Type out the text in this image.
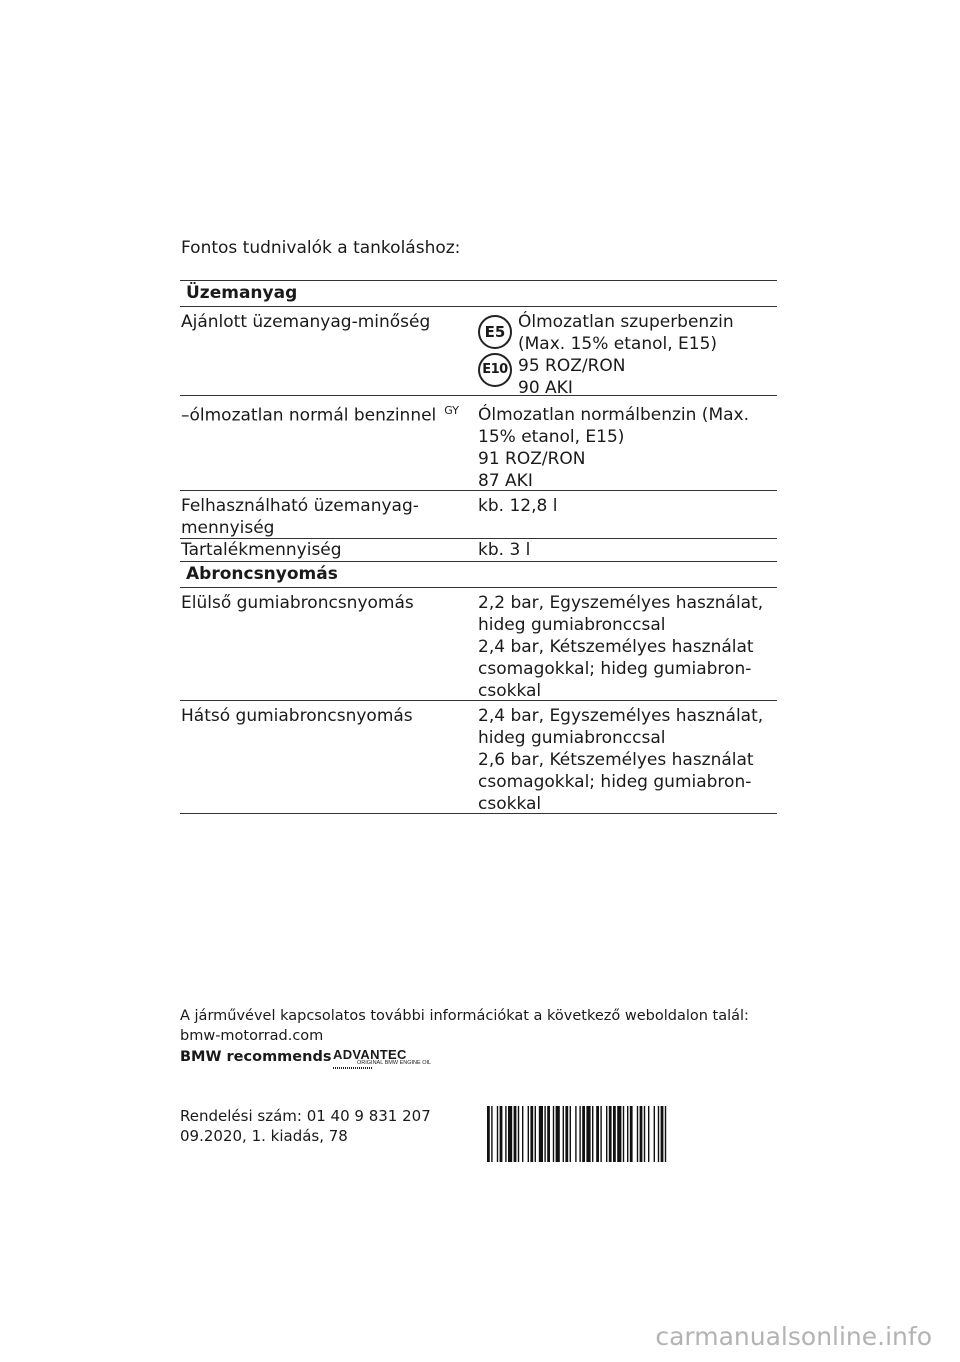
Fontos tudnivalók a tankoláshoz:
Üzemanyag
Ajánlott üzemanyag-minőség	E5
E10
Ólmozatlan szuperbenzin
(Max. 15% etanol, E15)
95 ROZ/RON
90 AKI
–ólmozatlan normál benzinnel $^{GY}$	Ólmozatlan normálbenzin (Max.
15% etanol, E15)
91 ROZ/RON
87 AKI
Felhasználható üzemanyag-
mennyiség
kb. 12,8 l
Tartalékmennyiség	kb. 3 l
Abroncsnyomás
Elülső gumiabroncsnyomás	2,2 bar, Egyszemélyes használat,
hideg gumiabronccsal
2,4 bar, Kétszemélyes használat
csomagokkal; hideg gumiabron-
csokkal
Hátsó gumiabroncsnyomás	2,4 bar, Egyszemélyes használat,
hideg gumiabronccsal
2,6 bar, Kétszemélyes használat
csomagokkal; hideg gumiabron-
csokkal
A járművével kapcsolatos további információkat a következő weboldalon talál:
bmw-motorrad.com
BMW recommends ADVANTEC
ORIGINAL BMW ENGINE OIL
Rendelési szám: 01 40 9 831 207
09.2020, 1. kiadás, 78
carmanualsonline.info
